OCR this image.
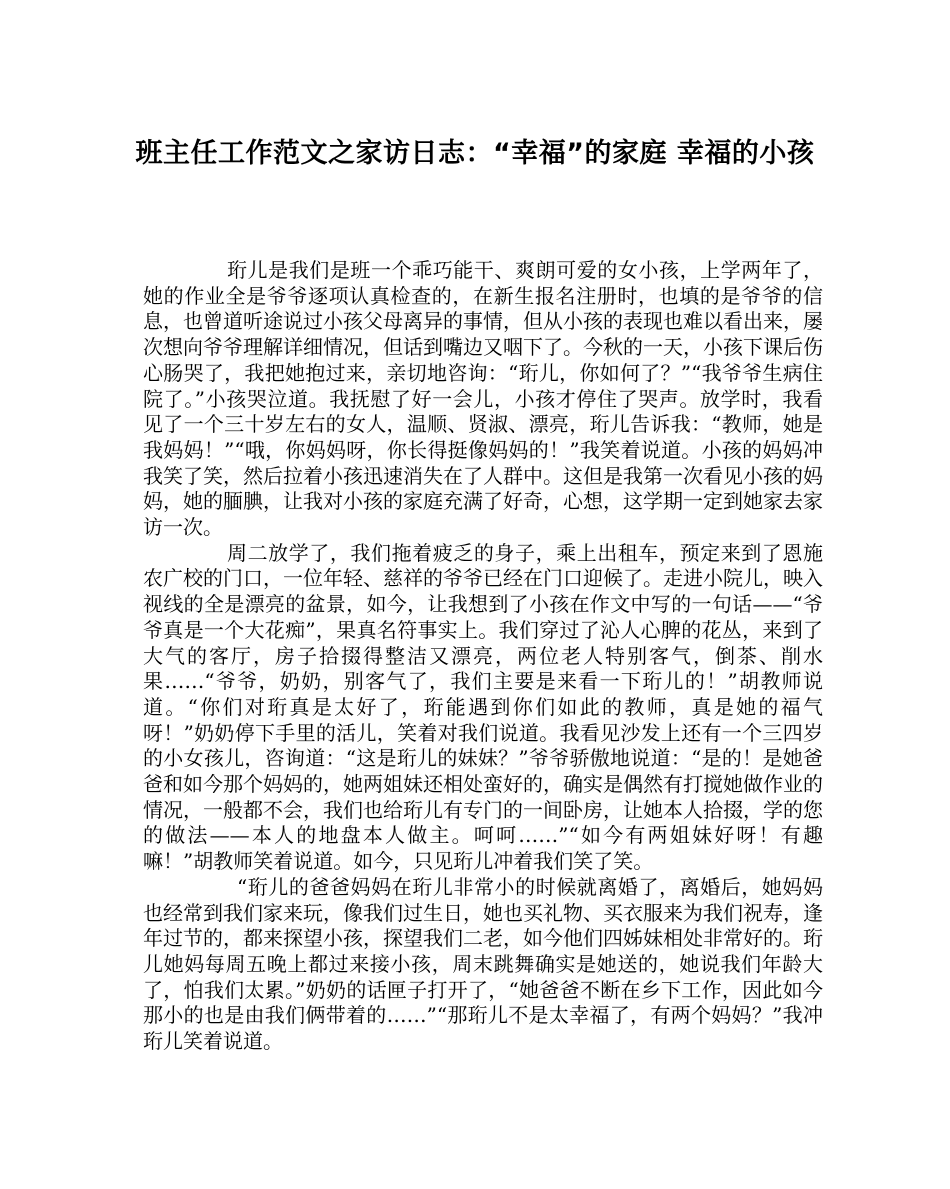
班主任工作范文之家访日志：“幸福”的家庭 幸福的小孩

珩儿是我们是班一个乖巧能干、爽朗可爱的女小孩，上学两年了，她的作业全是爷爷逐项认真检查的，在新生报名注册时，也填的是爷爷的信息，也曾道听途说过小孩父母离异的事情，但从小孩的表现也难以看出来，屡次想向爷爷理解详细情况，但话到嘴边又咽下了。今秋的一天，小孩下课后伤心肠哭了，我把她抱过来，亲切地咨询：“珩儿，你如何了？”“我爷爷生病住院了。”小孩哭泣道。我抚慰了好一会儿，小孩才停住了哭声。放学时，我看见了一个三十岁左右的女人，温顺、贤淑、漂亮，珩儿告诉我：“教师，她是我妈妈！”“哦，你妈妈呀，你长得挺像妈妈的！”我笑着说道。小孩的妈妈冲我笑了笑，然后拉着小孩迅速消失在了人群中。这但是我第一次看见小孩的妈妈，她的腼腆，让我对小孩的家庭充满了好奇，心想，这学期一定到她家去家访一次。

周二放学了，我们拖着疲乏的身子，乘上出租车，预定来到了恩施农广校的门口，一位年轻、慈祥的爷爷已经在门口迎候了。走进小院儿，映入视线的全是漂亮的盆景，如今，让我想到了小孩在作文中写的一句话——“爷爷真是一个大花痴”，果真名符事实上。我们穿过了沁人心脾的花丛，来到了大气的客厅，房子拾掇得整洁又漂亮，两位老人特别客气，倒茶、削水果……“爷爷，奶奶，别客气了，我们主要是来看一下珩儿的！”胡教师说道。“你们对珩真是太好了，珩能遇到你们如此的教师，真是她的福气呀！”奶奶停下手里的活儿，笑着对我们说道。我看见沙发上还有一个三四岁的小女孩儿，咨询道：“这是珩儿的妹妹？”爷爷骄傲地说道：“是的！是她爸爸和如今那个妈妈的，她两姐妹还相处蛮好的，确实是偶然有打搅她做作业的情况，一般都不会，我们也给珩儿有专门的一间卧房，让她本人拾掇，学的您的做法——本人的地盘本人做主。呵呵……”“如今有两姐妹好呀！有趣嘛！”胡教师笑着说道。如今，只见珩儿冲着我们笑了笑。

“珩儿的爸爸妈妈在珩儿非常小的时候就离婚了，离婚后，她妈妈也经常到我们家来玩，像我们过生日，她也买礼物、买衣服来为我们祝寿，逢年过节的，都来探望小孩，探望我们二老，如今他们四姊妹相处非常好的。珩儿她妈每周五晚上都过来接小孩，周末跳舞确实是她送的，她说我们年龄大了，怕我们太累。”奶奶的话匣子打开了，“她爸爸不断在乡下工作，因此如今那小的也是由我们俩带着的……”“那珩儿不是太幸福了，有两个妈妈？”我冲珩儿笑着说道。
